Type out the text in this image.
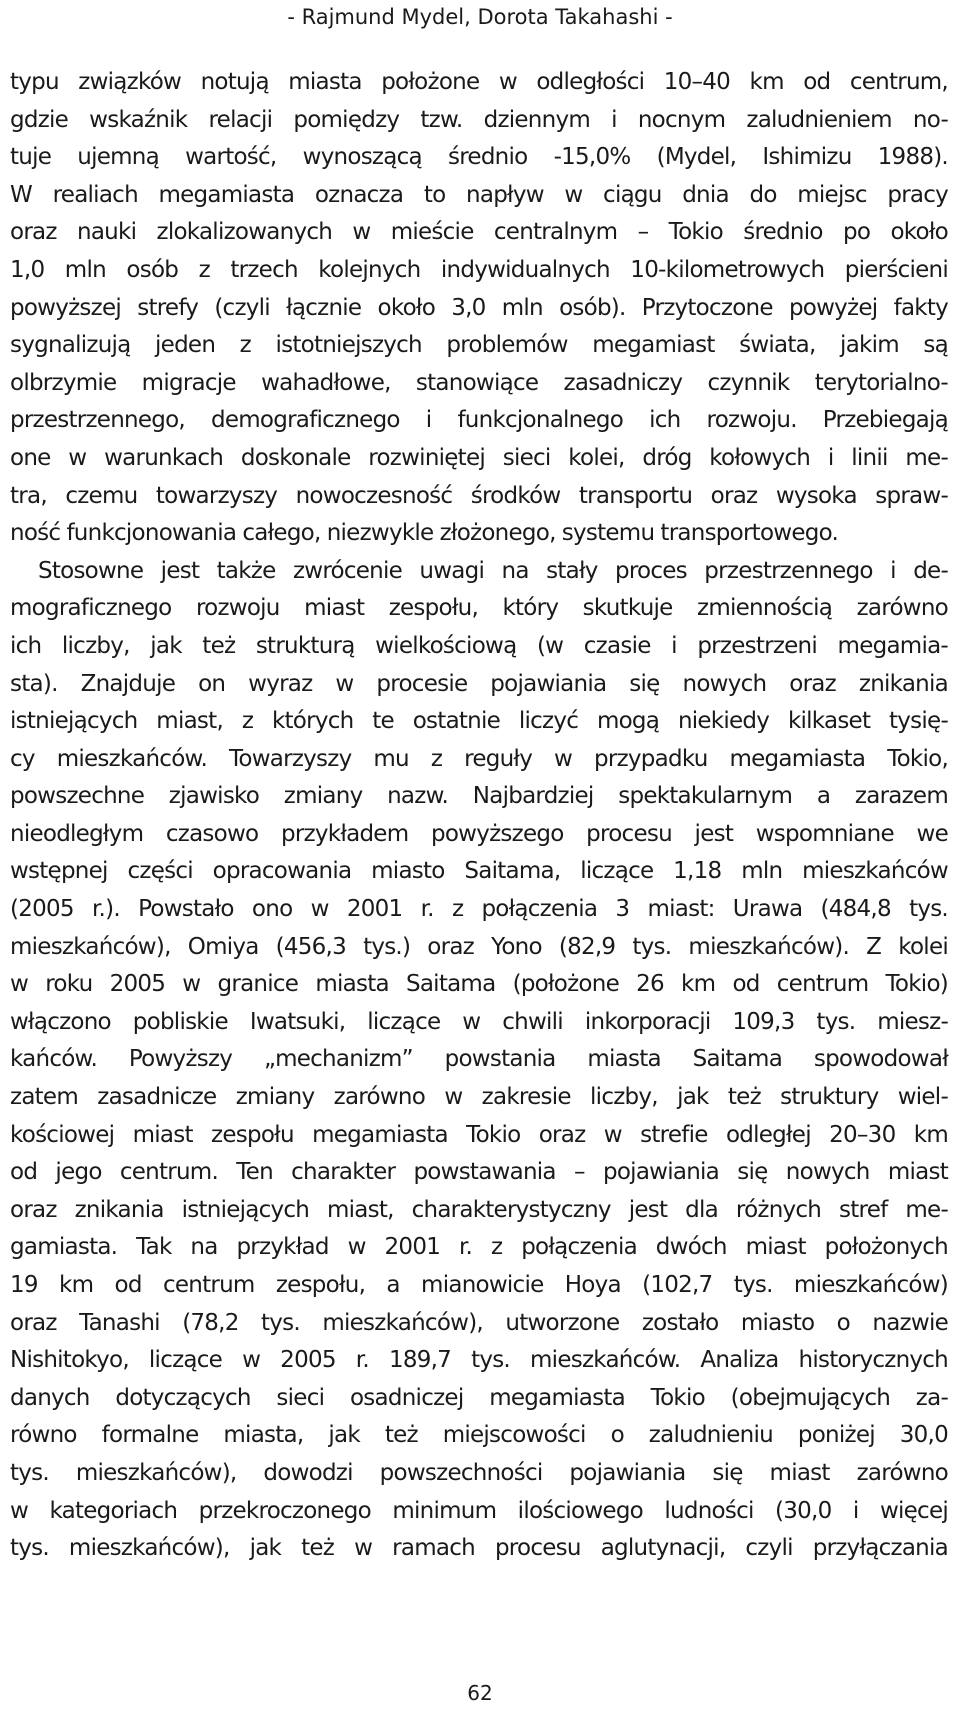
- Rajmund Mydel, Dorota Takahashi -
typu związków notują miasta położone w odległości 10–40 km od centrum,
gdzie wskaźnik relacji pomiędzy tzw. dziennym i nocnym zaludnieniem no-
tuje ujemną wartość, wynoszącą średnio -15,0% (Mydel, Ishimizu 1988).
W realiach megamiasta oznacza to napływ w ciągu dnia do miejsc pracy
oraz nauki zlokalizowanych w mieście centralnym – Tokio średnio po około
1,0 mln osób z trzech kolejnych indywidualnych 10-kilometrowych pierścieni
powyższej strefy (czyli łącznie około 3,0 mln osób). Przytoczone powyżej fakty
sygnalizują jeden z istotniejszych problemów megamiast świata, jakim są
olbrzymie migracje wahadłowe, stanowiące zasadniczy czynnik terytorialno-
przestrzennego, demograficznego i funkcjonalnego ich rozwoju. Przebiegają
one w warunkach doskonale rozwiniętej sieci kolei, dróg kołowych i linii me-
tra, czemu towarzyszy nowoczesność środków transportu oraz wysoka spraw-
ność funkcjonowania całego, niezwykle złożonego, systemu transportowego.
Stosowne jest także zwrócenie uwagi na stały proces przestrzennego i de-
mograficznego rozwoju miast zespołu, który skutkuje zmiennością zarówno
ich liczby, jak też strukturą wielkościową (w czasie i przestrzeni megamia-
sta). Znajduje on wyraz w procesie pojawiania się nowych oraz znikania
istniejących miast, z których te ostatnie liczyć mogą niekiedy kilkaset tysię-
cy mieszkańców. Towarzyszy mu z reguły w przypadku megamiasta Tokio,
powszechne zjawisko zmiany nazw. Najbardziej spektakularnym a zarazem
nieodległym czasowo przykładem powyższego procesu jest wspomniane we
wstępnej części opracowania miasto Saitama, liczące 1,18 mln mieszkańców
(2005 r.). Powstało ono w 2001 r. z połączenia 3 miast: Urawa (484,8 tys.
mieszkańców), Omiya (456,3 tys.) oraz Yono (82,9 tys. mieszkańców). Z kolei
w roku 2005 w granice miasta Saitama (położone 26 km od centrum Tokio)
włączono pobliskie Iwatsuki, liczące w chwili inkorporacji 109,3 tys. miesz-
kańców. Powyższy „mechanizm” powstania miasta Saitama spowodował
zatem zasadnicze zmiany zarówno w zakresie liczby, jak też struktury wiel-
kościowej miast zespołu megamiasta Tokio oraz w strefie odległej 20–30 km
od jego centrum. Ten charakter powstawania – pojawiania się nowych miast
oraz znikania istniejących miast, charakterystyczny jest dla różnych stref me-
gamiasta. Tak na przykład w 2001 r. z połączenia dwóch miast położonych
19 km od centrum zespołu, a mianowicie Hoya (102,7 tys. mieszkańców)
oraz Tanashi (78,2 tys. mieszkańców), utworzone zostało miasto o nazwie
Nishitokyo, liczące w 2005 r. 189,7 tys. mieszkańców. Analiza historycznych
danych dotyczących sieci osadniczej megamiasta Tokio (obejmujących za-
równo formalne miasta, jak też miejscowości o zaludnieniu poniżej 30,0
tys. mieszkańców), dowodzi powszechności pojawiania się miast zarówno
w kategoriach przekroczonego minimum ilościowego ludności (30,0 i więcej
tys. mieszkańców), jak też w ramach procesu aglutynacji, czyli przyłączania
62
